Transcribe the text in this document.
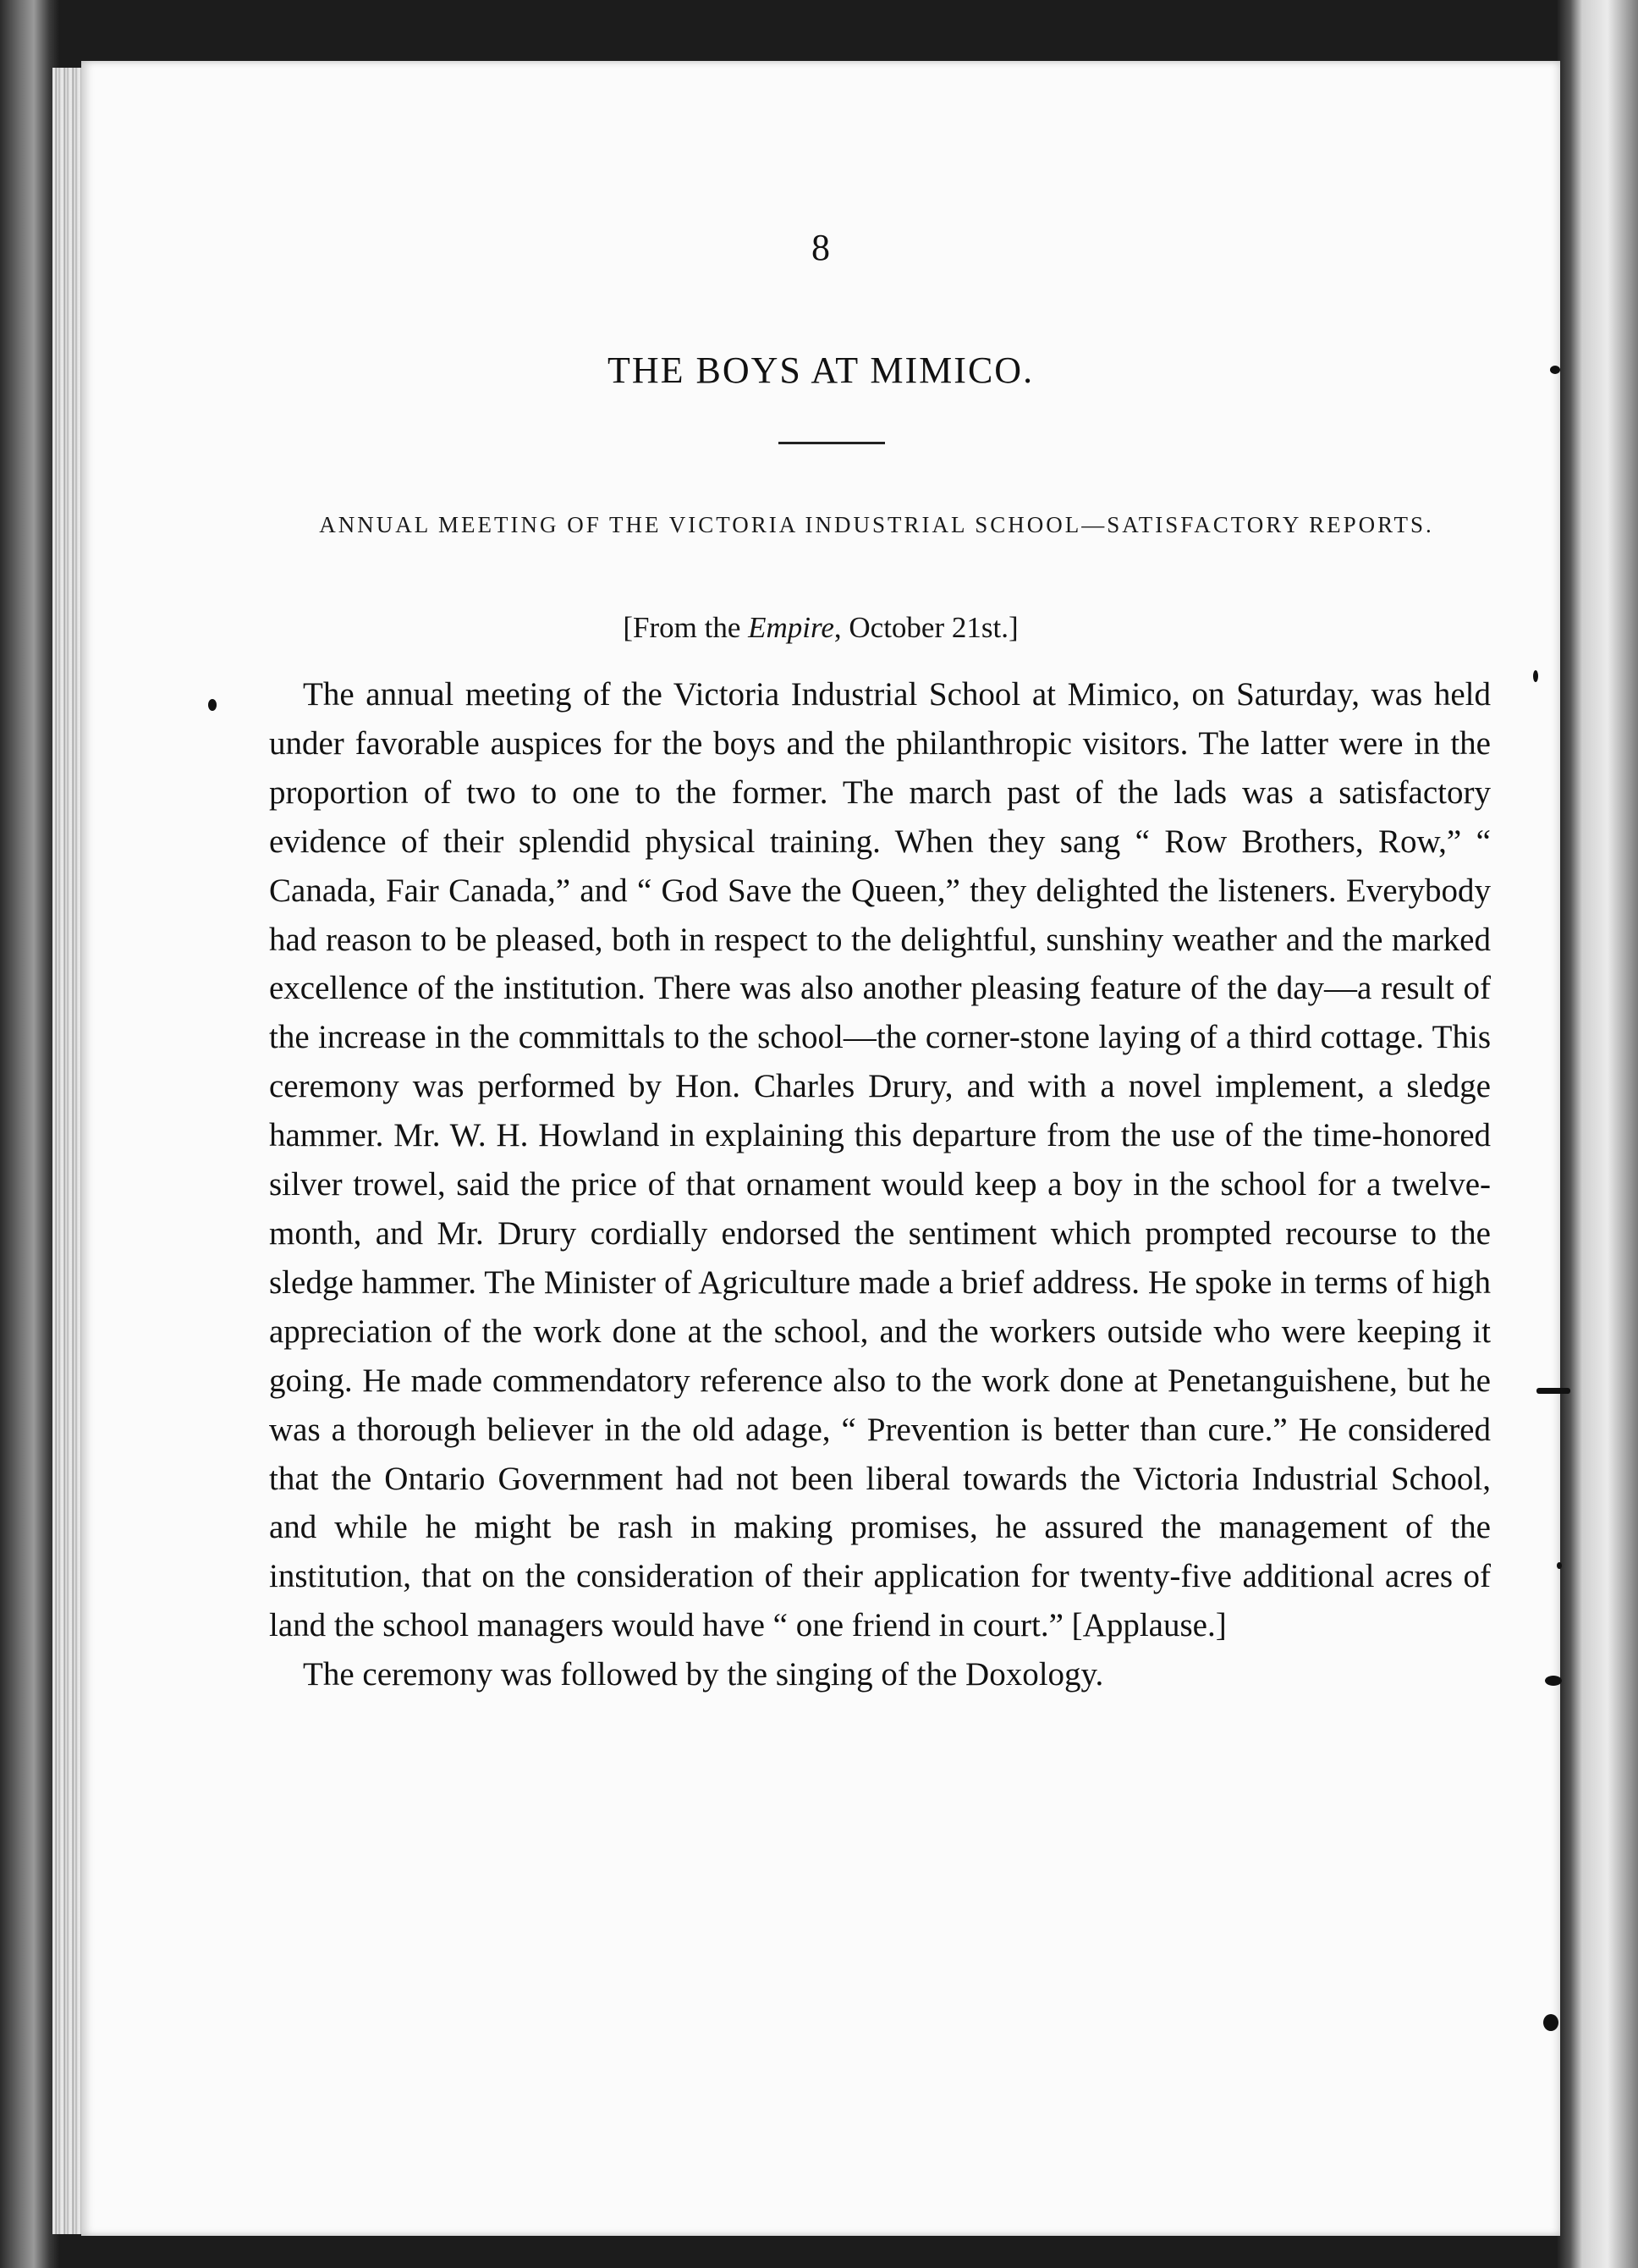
8
THE BOYS AT MIMICO.
ANNUAL MEETING OF THE VICTORIA INDUSTRIAL SCHOOL—SATISFACTORY REPORTS.
[From the Empire, October 21st.]

The annual meeting of the Victoria Industrial School at Mimico, on Saturday, was held under favorable auspices for the boys and the philanthropic visitors. The latter were in the proportion of two to one to the former. The march past of the lads was a satisfactory evidence of their splendid physical training. When they sang “ Row Brothers, Row,” “ Canada, Fair Canada,” and “ God Save the Queen,” they delighted the listeners. Everybody had reason to be pleased, both in respect to the delightful, sunshiny weather and the marked excellence of the institution. There was also another pleasing feature of the day—a result of the increase in the committals to the school—the corner-stone laying of a third cottage. This ceremony was performed by Hon. Charles Drury, and with a novel implement, a sledge hammer. Mr. W. H. Howland in explaining this departure from the use of the time-honored silver trowel, said the price of that ornament would keep a boy in the school for a twelve-month, and Mr. Drury cordially endorsed the sentiment which prompted recourse to the sledge hammer. The Minister of Agriculture made a brief address. He spoke in terms of high appreciation of the work done at the school, and the workers outside who were keeping it going. He made commendatory reference also to the work done at Penetanguishene, but he was a thorough believer in the old adage, “ Prevention is better than cure.” He considered that the Ontario Government had not been liberal towards the Victoria Industrial School, and while he might be rash in making promises, he assured the management of the institution, that on the consideration of their application for twenty-five additional acres of land the school managers would have “ one friend in court.” [Applause.]

The ceremony was followed by the singing of the Doxology.
